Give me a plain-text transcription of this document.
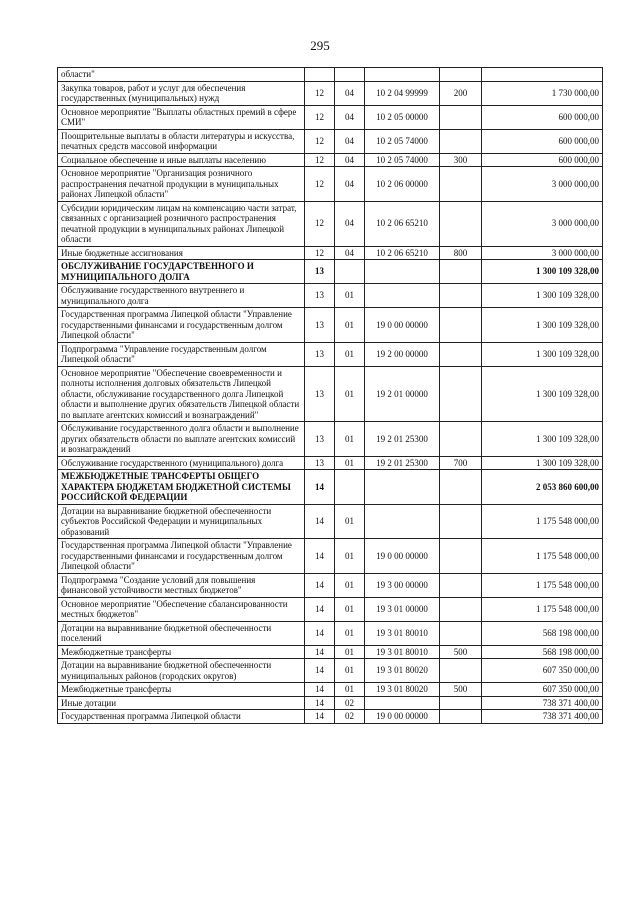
295
области"					
Закупка товаров, работ и услуг для обеспечения государственных (муниципальных) нужд	12	04	10 2 04 99999	200	1 730 000,00
Основное мероприятие "Выплаты областных премий в сфере СМИ"	12	04	10 2 05 00000		600 000,00
Поощрительные выплаты в области литературы и искусства, печатных средств массовой информации	12	04	10 2 05 74000		600 000,00
Социальное обеспечение и иные выплаты населению	12	04	10 2 05 74000	300	600 000,00
Основное мероприятие "Организация розничного распространения печатной продукции в муниципальных районах Липецкой области"	12	04	10 2 06 00000		3 000 000,00
Субсидии юридическим лицам на компенсацию части затрат, связанных с организацией розничного распространения печатной продукции в муниципальных районах Липецкой области	12	04	10 2 06 65210		3 000 000,00
Иные бюджетные ассигнования	12	04	10 2 06 65210	800	3 000 000,00
ОБСЛУЖИВАНИЕ ГОСУДАРСТВЕННОГО И МУНИЦИПАЛЬНОГО ДОЛГА	13				1 300 109 328,00
Обслуживание государственного внутреннего и муниципального долга	13	01			1 300 109 328,00
Государственная программа Липецкой области "Управление государственными финансами и государственным долгом Липецкой области"	13	01	19 0 00 00000		1 300 109 328,00
Подпрограмма "Управление государственным долгом Липецкой области"	13	01	19 2 00 00000		1 300 109 328,00
Основное мероприятие "Обеспечение своевременности и полноты исполнения долговых обязательств Липецкой области, обслуживание государственного долга Липецкой области и выполнение других обязательств Липецкой области по выплате агентских комиссий и вознаграждений"	13	01	19 2 01 00000		1 300 109 328,00
Обслуживание государственного долга области и выполнение других обязательств области по выплате агентских комиссий и вознаграждений	13	01	19 2 01 25300		1 300 109 328,00
Обслуживание государственного (муниципального) долга	13	01	19 2 01 25300	700	1 300 109 328,00
МЕЖБЮДЖЕТНЫЕ ТРАНСФЕРТЫ ОБЩЕГО ХАРАКТЕРА БЮДЖЕТАМ БЮДЖЕТНОЙ СИСТЕМЫ РОССИЙСКОЙ ФЕДЕРАЦИИ	14				2 053 860 600,00
Дотации на выравнивание бюджетной обеспеченности субъектов Российской Федерации и муниципальных образований	14	01			1 175 548 000,00
Государственная программа Липецкой области "Управление государственными финансами и государственным долгом Липецкой области"	14	01	19 0 00 00000		1 175 548 000,00
Подпрограмма "Создание условий для повышения финансовой устойчивости местных бюджетов"	14	01	19 3 00 00000		1 175 548 000,00
Основное мероприятие "Обеспечение сбалансированности местных бюджетов"	14	01	19 3 01 00000		1 175 548 000,00
Дотации на выравнивание бюджетной обеспеченности поселений	14	01	19 3 01 80010		568 198 000,00
Межбюджетные трансферты	14	01	19 3 01 80010	500	568 198 000,00
Дотации на выравнивание бюджетной обеспеченности муниципальных районов (городских округов)	14	01	19 3 01 80020		607 350 000,00
Межбюджетные трансферты	14	01	19 3 01 80020	500	607 350 000,00
Иные дотации	14	02			738 371 400,00
Государственная программа Липецкой области	14	02	19 0 00 00000		738 371 400,00
